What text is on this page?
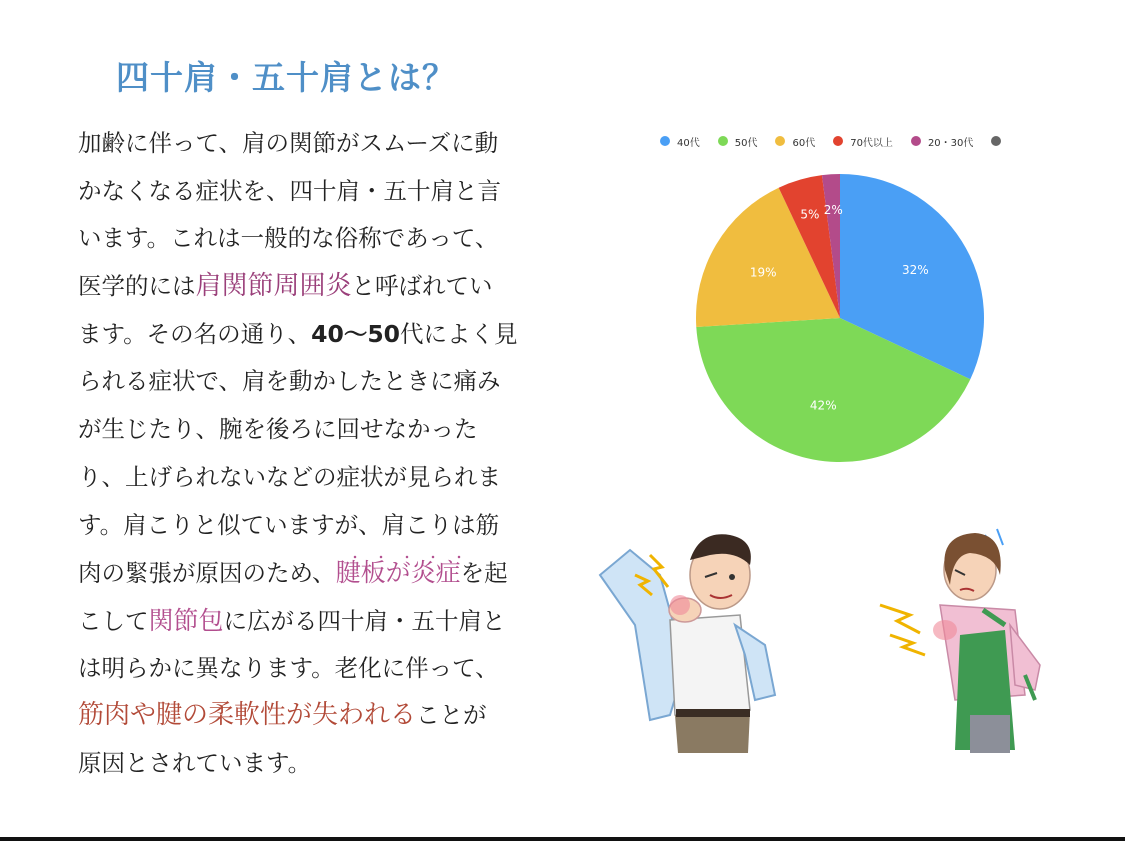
四十肩・五十肩とは？
加齢に伴って、肩の関節がスムーズに動
かなくなる症状を、四十肩・五十肩と言
います。これは一般的な俗称であって、
医学的には肩関節周囲炎と呼ばれてい
ます。その名の通り、40〜50代によく見
られる症状で、肩を動かしたときに痛み
が生じたり、腕を後ろに回せなかった
り、上げられないなどの症状が見られま
す。肩こりと似ていますが、肩こりは筋
肉の緊張が原因のため、腱板が炎症を起
こして関節包に広がる四十肩・五十肩と
は明らかに異なります。老化に伴って、
筋肉や腱の柔軟性が失われることが
原因とされています。
40代	50代	60代	70代以上	20・30代
32%
42%
19%
5% 2%
